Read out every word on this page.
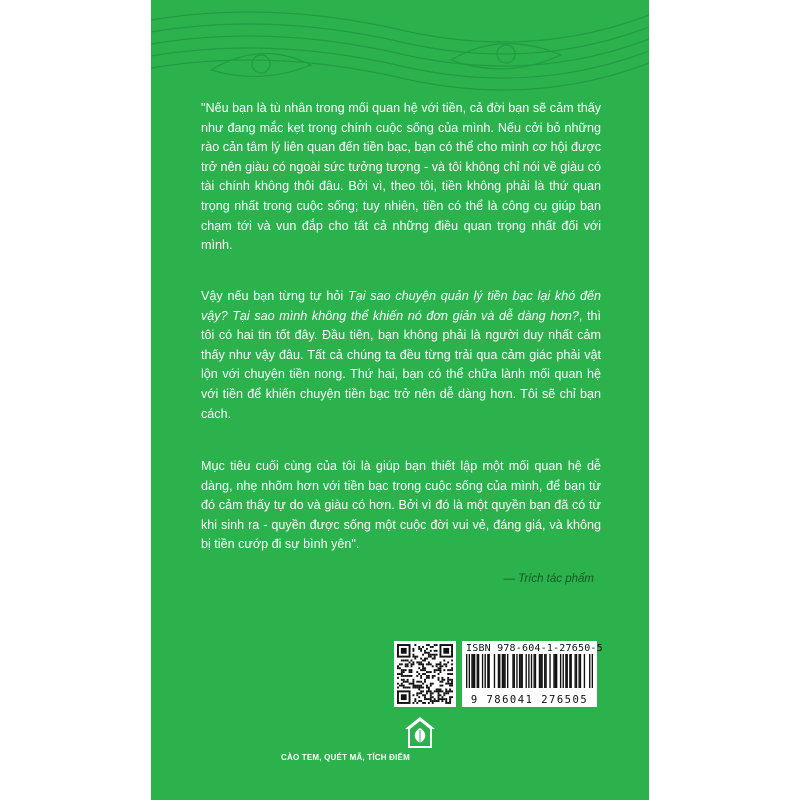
"Nếu bạn là tù nhân trong mối quan hệ với tiền, cả đời bạn sẽ cảm thấy như đang mắc kẹt trong chính cuộc sống của mình. Nếu cởi bỏ những rào cản tâm lý liên quan đến tiền bạc, bạn có thể cho mình cơ hội được trở nên giàu có ngoài sức tưởng tượng - và tôi không chỉ nói về giàu có tài chính không thôi đâu. Bởi vì, theo tôi, tiền không phải là thứ quan trọng nhất trong cuộc sống; tuy nhiên, tiền có thể là công cụ giúp bạn chạm tới và vun đắp cho tất cả những điều quan trọng nhất đối với mình.
Vậy nếu bạn từng tự hỏi Tại sao chuyện quản lý tiền bạc lại khó đến vậy? Tại sao mình không thể khiến nó đơn giản và dễ dàng hơn?, thì tôi có hai tin tốt đây. Đầu tiên, bạn không phải là người duy nhất cảm thấy như vậy đâu. Tất cả chúng ta đều từng trải qua cảm giác phải vật lộn với chuyện tiền nong. Thứ hai, bạn có thể chữa lành mối quan hệ với tiền để khiến chuyện tiền bạc trở nên dễ dàng hơn. Tôi sẽ chỉ bạn cách.
Mục tiêu cuối cùng của tôi là giúp bạn thiết lập một mối quan hệ dễ dàng, nhẹ nhõm hơn với tiền bạc trong cuộc sống của mình, để bạn từ đó cảm thấy tự do và giàu có hơn. Bởi vì đó là một quyền bạn đã có từ khi sinh ra - quyền được sống một cuộc đời vui vẻ, đáng giá, và không bị tiền cướp đi sự bình yên".
— Trích tác phẩm
ISBN 978-604-1-27650-5
9 786041 276505
CÀO TEM, QUÉT MÃ, TÍCH ĐIỂM
